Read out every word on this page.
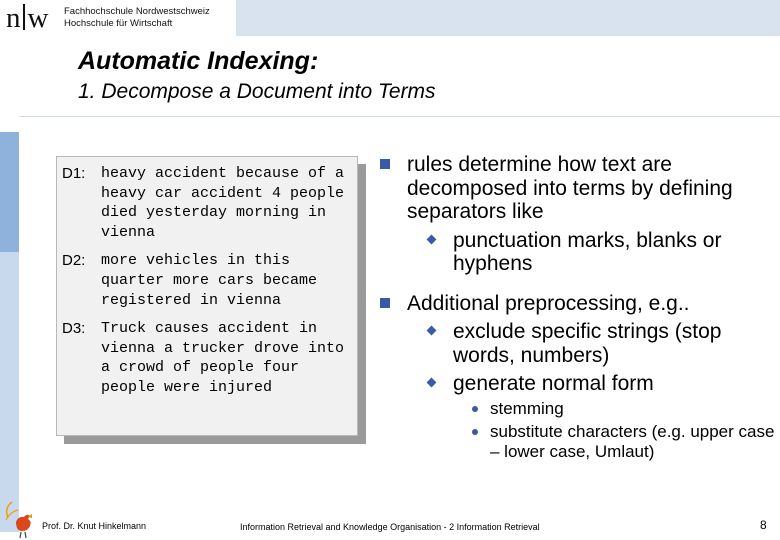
n w Fachhochschule Nordwestschweiz
Hochschule für Wirtschaft
Automatic Indexing:
1. Decompose a Document into Terms
D1: heavy accident because of a heavy car accident 4 people died yesterday morning in vienna
D2: more vehicles in this quarter more cars became registered in vienna
D3: Truck causes accident in vienna a trucker drove into a crowd of people four people were injured
rules determine how text are decomposed into terms by defining separators like
punctuation marks, blanks or hyphens
Additional preprocessing, e.g..
exclude specific strings (stop words, numbers)
generate normal form
stemming
substitute characters (e.g. upper case – lower case, Umlaut)
Prof. Dr. Knut Hinkelmann	Information Retrieval and Knowledge Organisation - 2 Information Retrieval	8
